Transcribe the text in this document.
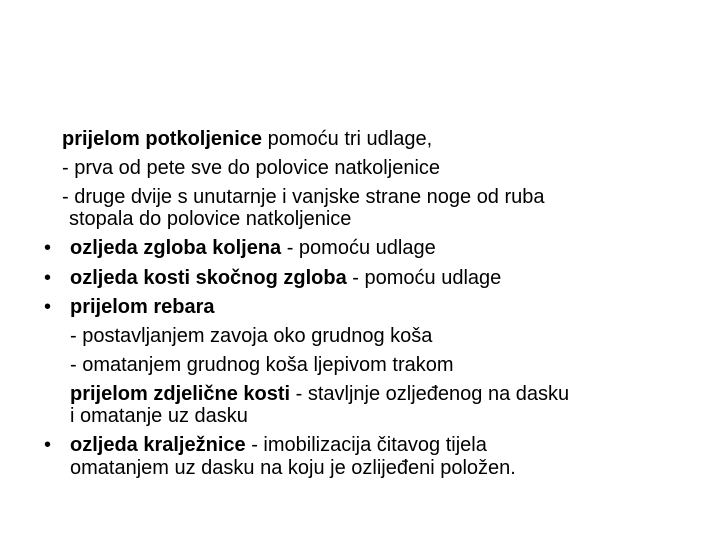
prijelom potkoljenice pomoću tri udlage,
- prva od pete sve do polovice natkoljenice
- druge dvije s unutarnje i vanjske strane noge od ruba
stopala do polovice natkoljenice
• ozljeda zgloba koljena - pomoću udlage
• ozljeda kosti skočnog zgloba - pomoću udlage
• prijelom rebara
- postavljanjem zavoja oko grudnog koša
- omatanjem grudnog koša ljepivom trakom
prijelom zdjelične kosti - stavljnje ozljeđenog na dasku
i omatanje uz dasku
• ozljeda kralježnice - imobilizacija čitavog tijela
omatanjem uz dasku na koju je ozlijeđeni položen.
